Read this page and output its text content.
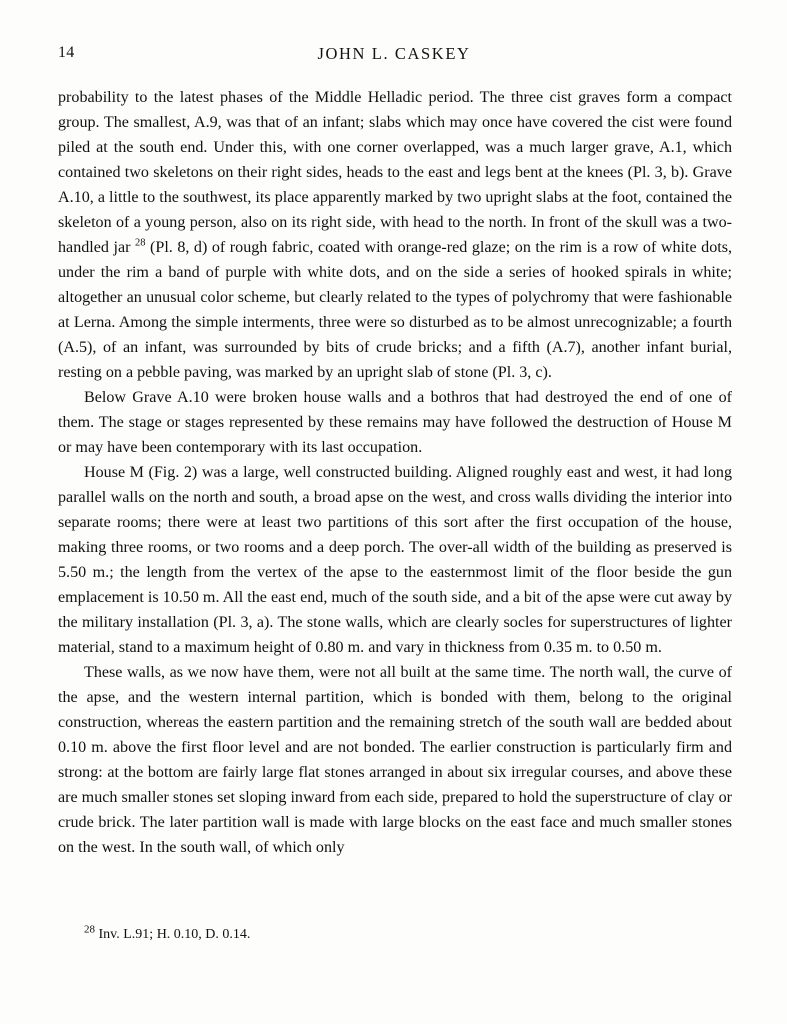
14	JOHN L. CASKEY

probability to the latest phases of the Middle Helladic period. The three cist graves form a compact group. The smallest, A.9, was that of an infant; slabs which may once have covered the cist were found piled at the south end. Under this, with one corner overlapped, was a much larger grave, A.1, which contained two skeletons on their right sides, heads to the east and legs bent at the knees (Pl. 3, b). Grave A.10, a little to the southwest, its place apparently marked by two upright slabs at the foot, contained the skeleton of a young person, also on its right side, with head to the north. In front of the skull was a two-handled jar $^{28}$ (Pl. 8, d) of rough fabric, coated with orange-red glaze; on the rim is a row of white dots, under the rim a band of purple with white dots, and on the side a series of hooked spirals in white; altogether an unusual color scheme, but clearly related to the types of polychromy that were fashionable at Lerna. Among the simple interments, three were so disturbed as to be almost unrecognizable; a fourth (A.5), of an infant, was surrounded by bits of crude bricks; and a fifth (A.7), another infant burial, resting on a pebble paving, was marked by an upright slab of stone (Pl. 3, c).

Below Grave A.10 were broken house walls and a bothros that had destroyed the end of one of them. The stage or stages represented by these remains may have followed the destruction of House M or may have been contemporary with its last occupation.

House M (Fig. 2) was a large, well constructed building. Aligned roughly east and west, it had long parallel walls on the north and south, a broad apse on the west, and cross walls dividing the interior into separate rooms; there were at least two partitions of this sort after the first occupation of the house, making three rooms, or two rooms and a deep porch. The over-all width of the building as preserved is 5.50 m.; the length from the vertex of the apse to the easternmost limit of the floor beside the gun emplacement is 10.50 m. All the east end, much of the south side, and a bit of the apse were cut away by the military installation (Pl. 3, a). The stone walls, which are clearly socles for superstructures of lighter material, stand to a maximum height of 0.80 m. and vary in thickness from 0.35 m. to 0.50 m.

These walls, as we now have them, were not all built at the same time. The north wall, the curve of the apse, and the western internal partition, which is bonded with them, belong to the original construction, whereas the eastern partition and the remaining stretch of the south wall are bedded about 0.10 m. above the first floor level and are not bonded. The earlier construction is particularly firm and strong: at the bottom are fairly large flat stones arranged in about six irregular courses, and above these are much smaller stones set sloping inward from each side, prepared to hold the superstructure of clay or crude brick. The later partition wall is made with large blocks on the east face and much smaller stones on the west. In the south wall, of which only

$^{28}$ Inv. L.91; H. 0.10, D. 0.14.
